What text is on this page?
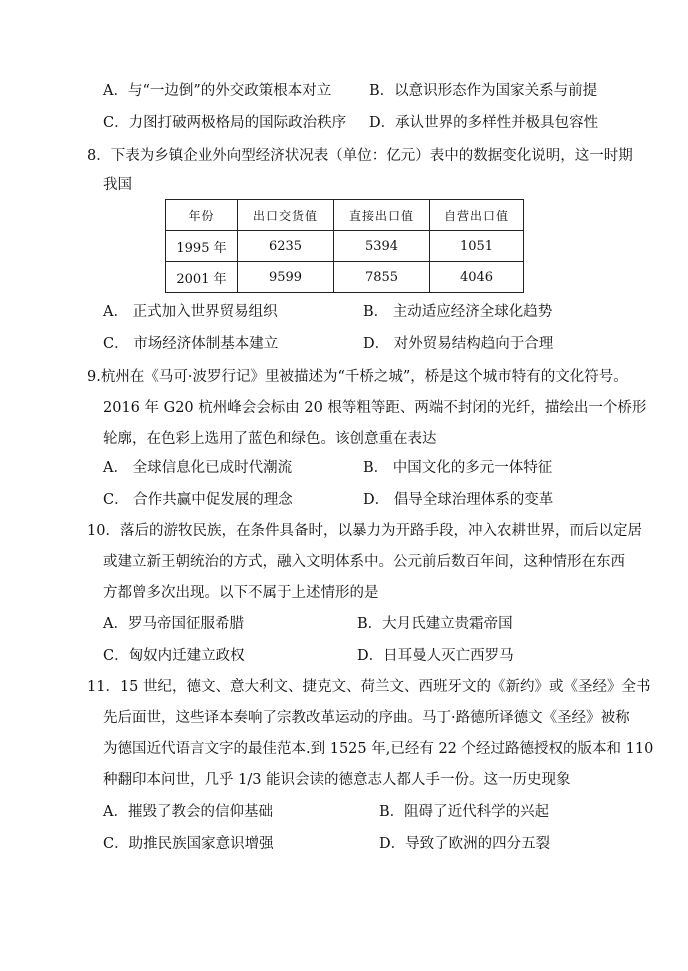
A．与“一边倒”的外交政策根本对立	B．以意识形态作为国家关系与前提
C．力图打破两极格局的国际政治秩序 D．承认世界的多样性并极具包容性
8．下表为乡镇企业外向型经济状况表（单位：亿元）表中的数据变化说明，这一时期
我国
年份	出口交货值	直接出口值	自营出口值
1995 年	6235	5394	1051
2001 年	9599	7855	4046
A． 正式加入世界贸易组织	B． 主动适应经济全球化趋势
C． 市场经济体制基本建立	D． 对外贸易结构趋向于合理
9.杭州在《马可·波罗行记》里被描述为“千桥之城”，桥是这个城市特有的文化符号。
2016 年 G20 杭州峰会会标由 20 根等粗等距、两端不封闭的光纤，描绘出一个桥形
轮廓，在色彩上选用了蓝色和绿色。该创意重在表达
A． 全球信息化已成时代潮流	B． 中国文化的多元一体特征
C． 合作共赢中促发展的理念	D． 倡导全球治理体系的变革
10．落后的游牧民族，在条件具备时，以暴力为开路手段，冲入农耕世界，而后以定居
或建立新王朝统治的方式，融入文明体系中。公元前后数百年间，这种情形在东西
方都曾多次出现。以下不属于上述情形的是
A．罗马帝国征服希腊	B．大月氏建立贵霜帝国
C．匈奴内迁建立政权	D．日耳曼人灭亡西罗马
11．15 世纪，德文、意大利文、捷克文、荷兰文、西班牙文的《新约》或《圣经》全书
先后面世，这些译本奏响了宗教改革运动的序曲。马丁·路德所译德文《圣经》被称
为德国近代语言文字的最佳范本.到 1525 年,已经有 22 个经过路德授权的版本和 110
种翻印本问世，几乎 1/3 能识会读的德意志人都人手一份。这一历史现象
A．摧毁了教会的信仰基础	B．阻碍了近代科学的兴起
C．助推民族国家意识增强	D．导致了欧洲的四分五裂
